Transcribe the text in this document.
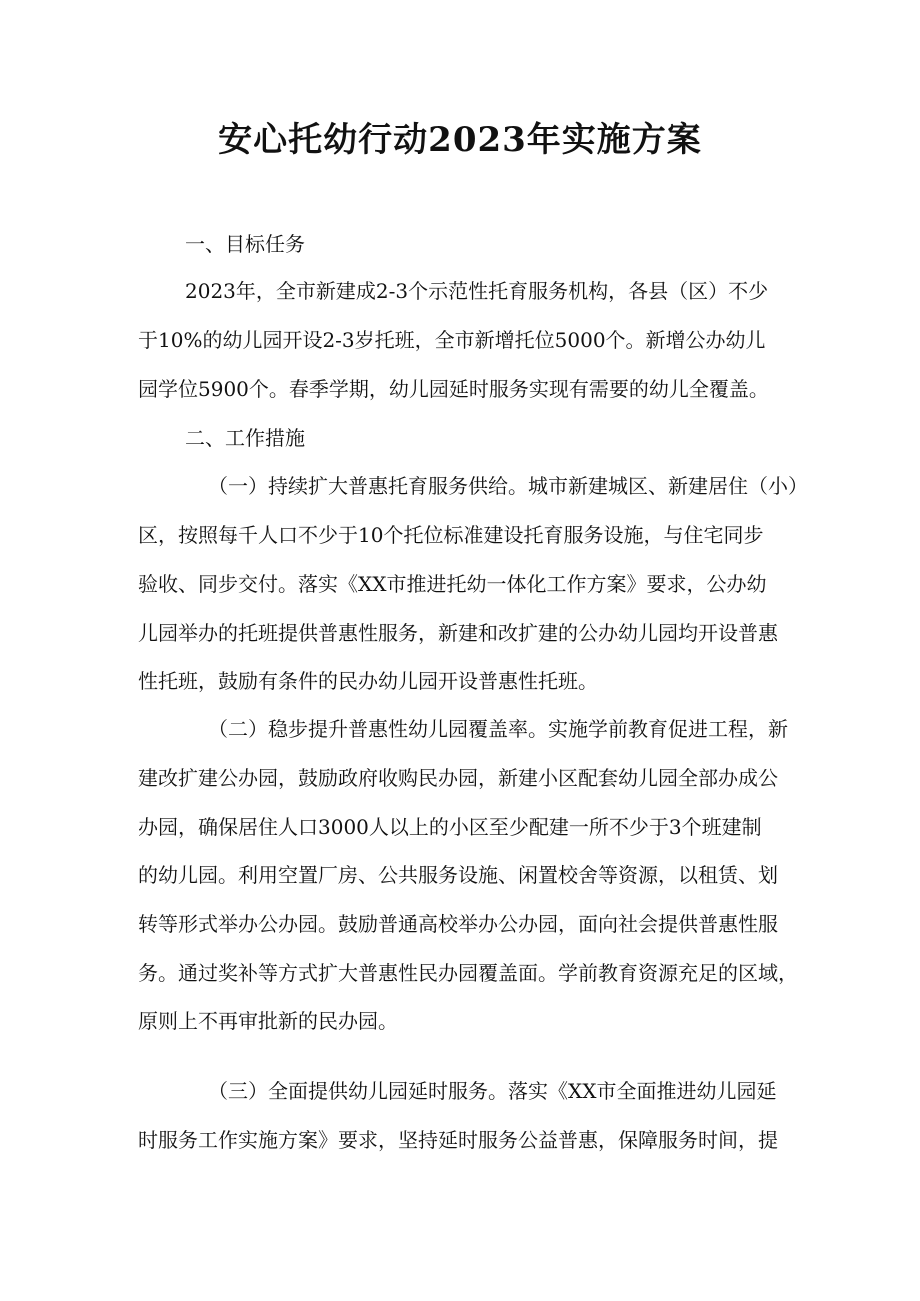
安心托幼行动2023年实施方案
一、目标任务
2023年，全市新建成2-3个示范性托育服务机构，各县（区）不少
于10%的幼儿园开设2-3岁托班，全市新增托位5000个。新增公办幼儿
园学位5900个。春季学期，幼儿园延时服务实现有需要的幼儿全覆盖。
二、工作措施
（一）持续扩大普惠托育服务供给。城市新建城区、新建居住（小）
区，按照每千人口不少于10个托位标准建设托育服务设施，与住宅同步
验收、同步交付。落实《XX市推进托幼一体化工作方案》要求，公办幼
儿园举办的托班提供普惠性服务，新建和改扩建的公办幼儿园均开设普惠
性托班，鼓励有条件的民办幼儿园开设普惠性托班。
（二）稳步提升普惠性幼儿园覆盖率。实施学前教育促进工程，新
建改扩建公办园，鼓励政府收购民办园，新建小区配套幼儿园全部办成公
办园，确保居住人口3000人以上的小区至少配建一所不少于3个班建制
的幼儿园。利用空置厂房、公共服务设施、闲置校舍等资源，以租赁、划
转等形式举办公办园。鼓励普通高校举办公办园，面向社会提供普惠性服
务。通过奖补等方式扩大普惠性民办园覆盖面。学前教育资源充足的区域，
原则上不再审批新的民办园。
（三）全面提供幼儿园延时服务。落实《XX市全面推进幼儿园延
时服务工作实施方案》要求，坚持延时服务公益普惠，保障服务时间，提
